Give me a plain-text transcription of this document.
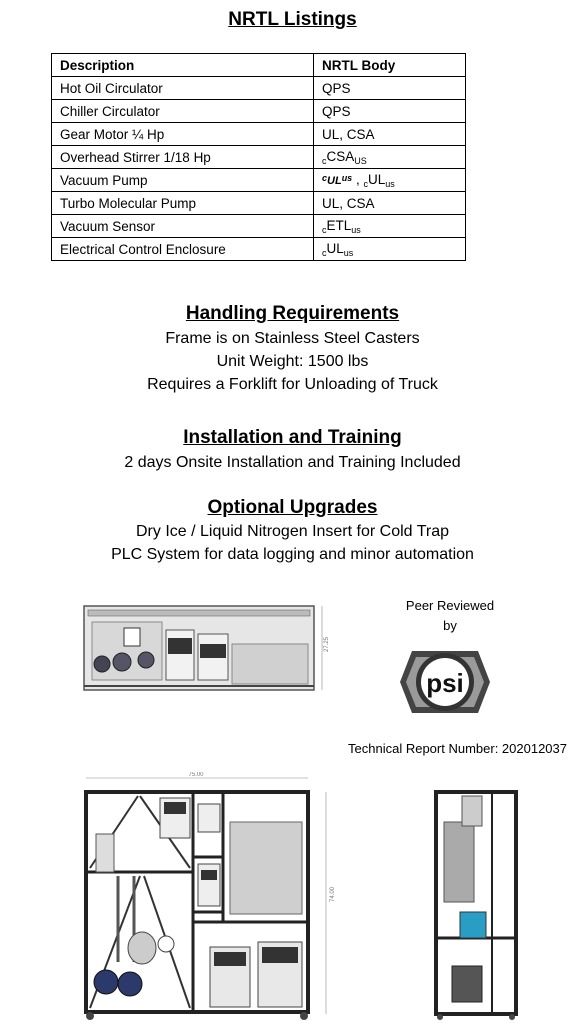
NRTL Listings
Description	NRTL Body
Hot Oil Circulator	QPS
Chiller Circulator	QPS
Gear Motor ¼ Hp	UL, CSA
Overhead Stirrer 1/18 Hp	$_cCSA_{US}$
Vacuum Pump	$^cUL^{us}$ , $_cUL_{us}$
Turbo Molecular Pump	UL, CSA
Vacuum Sensor	$_cETL_{us}$
Electrical Control Enclosure	$_cUL_{us}$
Handling Requirements
Frame is on Stainless Steel Casters
Unit Weight: 1500 lbs
Requires a Forklift for Unloading of Truck
Installation and Training
2 days Onsite Installation and Training Included
Optional Upgrades
Dry Ice / Liquid Nitrogen Insert for Cold Trap
PLC System for data logging and minor automation
27.25
Peer Reviewed
by
psi
Technical Report Number: 202012037
75.00
74.00
